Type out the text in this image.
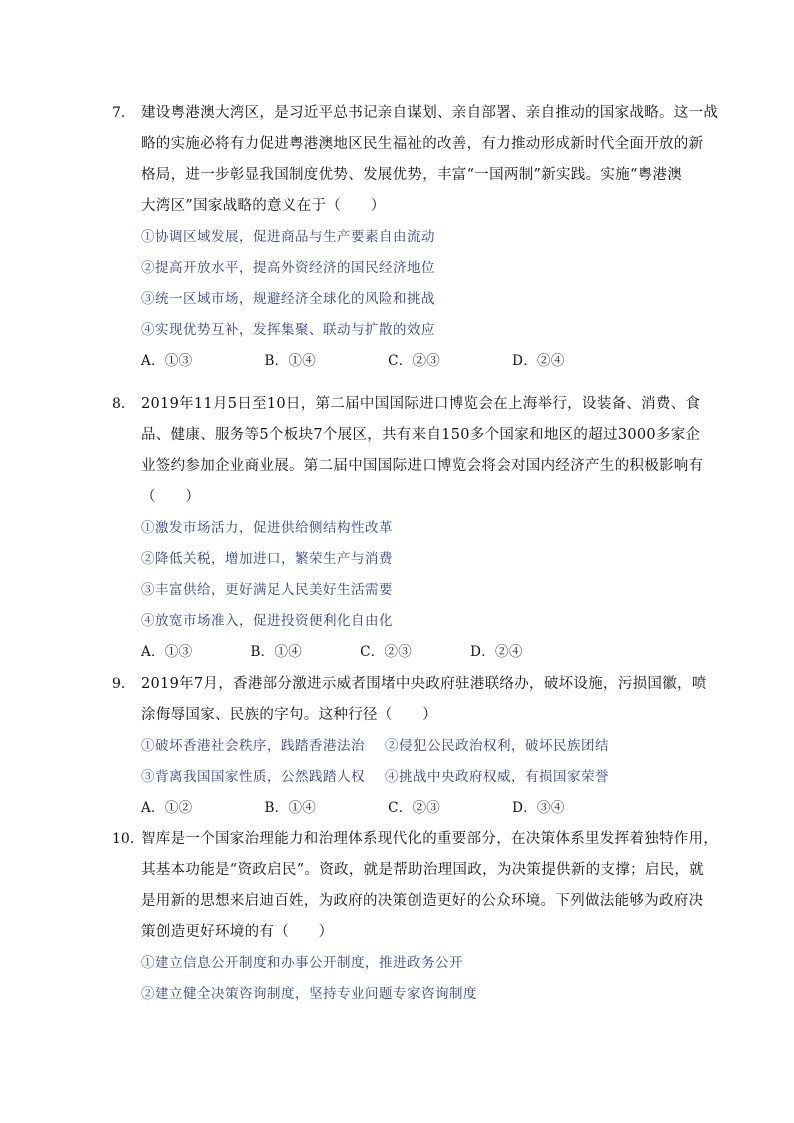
7． 建设粤港澳大湾区，是习近平总书记亲自谋划、亲自部署、亲自推动的国家战略。这一战
略的实施必将有力促进粤港澳地区民生福祉的改善，有力推动形成新时代全面开放的新
格局，进一步彰显我国制度优势、发展优势，丰富“一国两制”新实践。实施“粤港澳
大湾区”国家战略的意义在于（　　）
①协调区域发展，促进商品与生产要素自由流动
②提高开放水平，提高外资经济的国民经济地位
③统一区域市场，规避经济全球化的风险和挑战
④实现优势互补，发挥集聚、联动与扩散的效应
A．①③	B．①④	C．②③	D．②④
8． 2019年11月5日至10日，第二届中国国际进口博览会在上海举行，设装备、消费、食
品、健康、服务等5个板块7个展区，共有来自150多个国家和地区的超过3000多家企
业签约参加企业商业展。第二届中国国际进口博览会将会对国内经济产生的积极影响有
（　　）
①激发市场活力，促进供给侧结构性改革
②降低关税，增加进口，繁荣生产与消费
③丰富供给，更好满足人民美好生活需要
④放宽市场准入，促进投资便利化自由化
A．①③	B．①④	C．②③	D．②④
9． 2019年7月，香港部分激进示威者围堵中央政府驻港联络办，破坏设施，污损国徽，喷
涂侮辱国家、民族的字句。这种行径（　　）
①破坏香港社会秩序，践踏香港法治 ②侵犯公民政治权利，破坏民族团结
③背离我国国家性质，公然践踏人权 ④挑战中央政府权威，有损国家荣誉
A．①②	B．①④	C．②③	D．③④
10．
智库是一个国家治理能力和治理体系现代化的重要部分，在决策体系里发挥着独特作用，
其基本功能是“资政启民”。资政，就是帮助治理国政，为决策提供新的支撑；启民，就
是用新的思想来启迪百姓，为政府的决策创造更好的公众环境。下列做法能够为政府决
策创造更好环境的有（　　）
①建立信息公开制度和办事公开制度，推进政务公开
②建立健全决策咨询制度，坚持专业问题专家咨询制度
